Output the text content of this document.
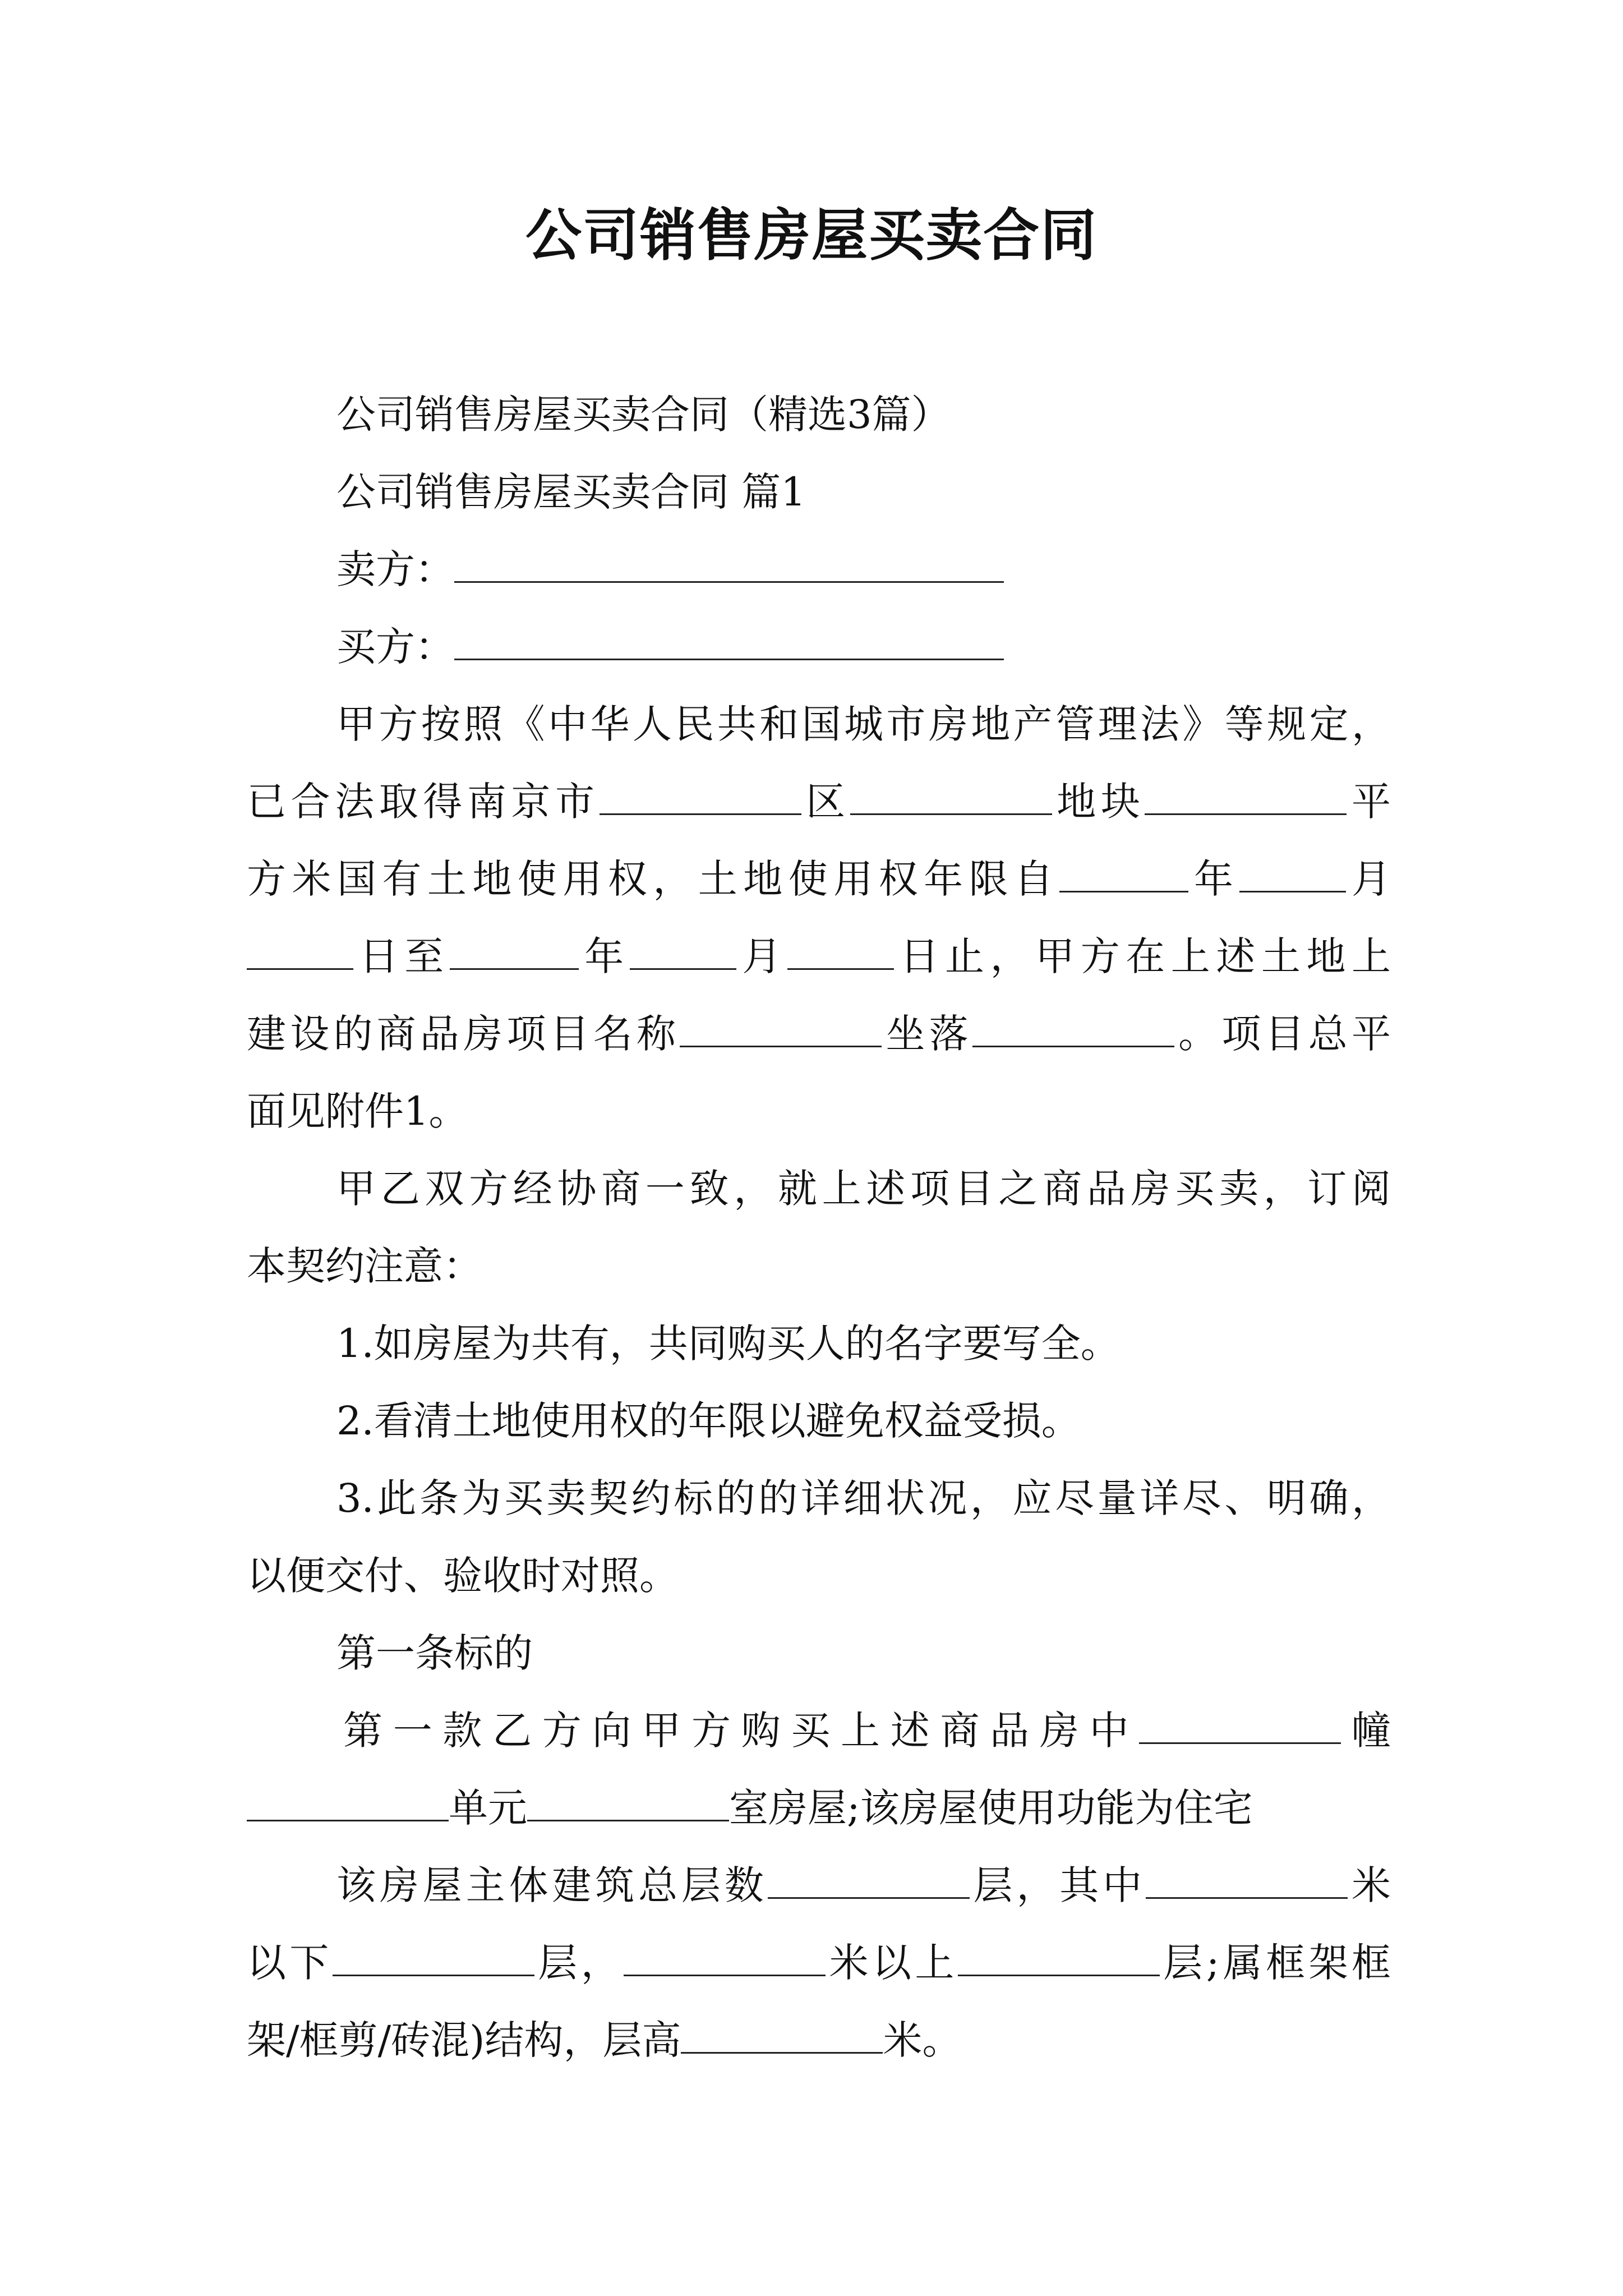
公司销售房屋买卖合同
公司销售房屋买卖合同（精选3篇）
公司销售房屋买卖合同 篇1
卖方：
买方：
甲方按照《中华人民共和国城市房地产管理法》等规定，
已合法取得南京市	区	地块	平
方米国有土地使用权，土地使用权年限自	年	月
日至	年	月	日止，甲方在上述土地上
建设的商品房项目名称	坐落	。项目总平
面见附件1。
甲乙双方经协商一致，就上述项目之商品房买卖，订阅
本契约注意：
1.如房屋为共有，共同购买人的名字要写全。
2.看清土地使用权的年限以避免权益受损。
3.此条为买卖契约标的的详细状况，应尽量详尽、明确，
以便交付、验收时对照。
第一条标的
第一款乙方向甲方购买上述商品房中	幢
单元	室房屋;该房屋使用功能为住宅
该房屋主体建筑总层数	层，其中	米
以下	层，	米以上	层;属框架框
架/框剪/砖混)结构，层高	米。
